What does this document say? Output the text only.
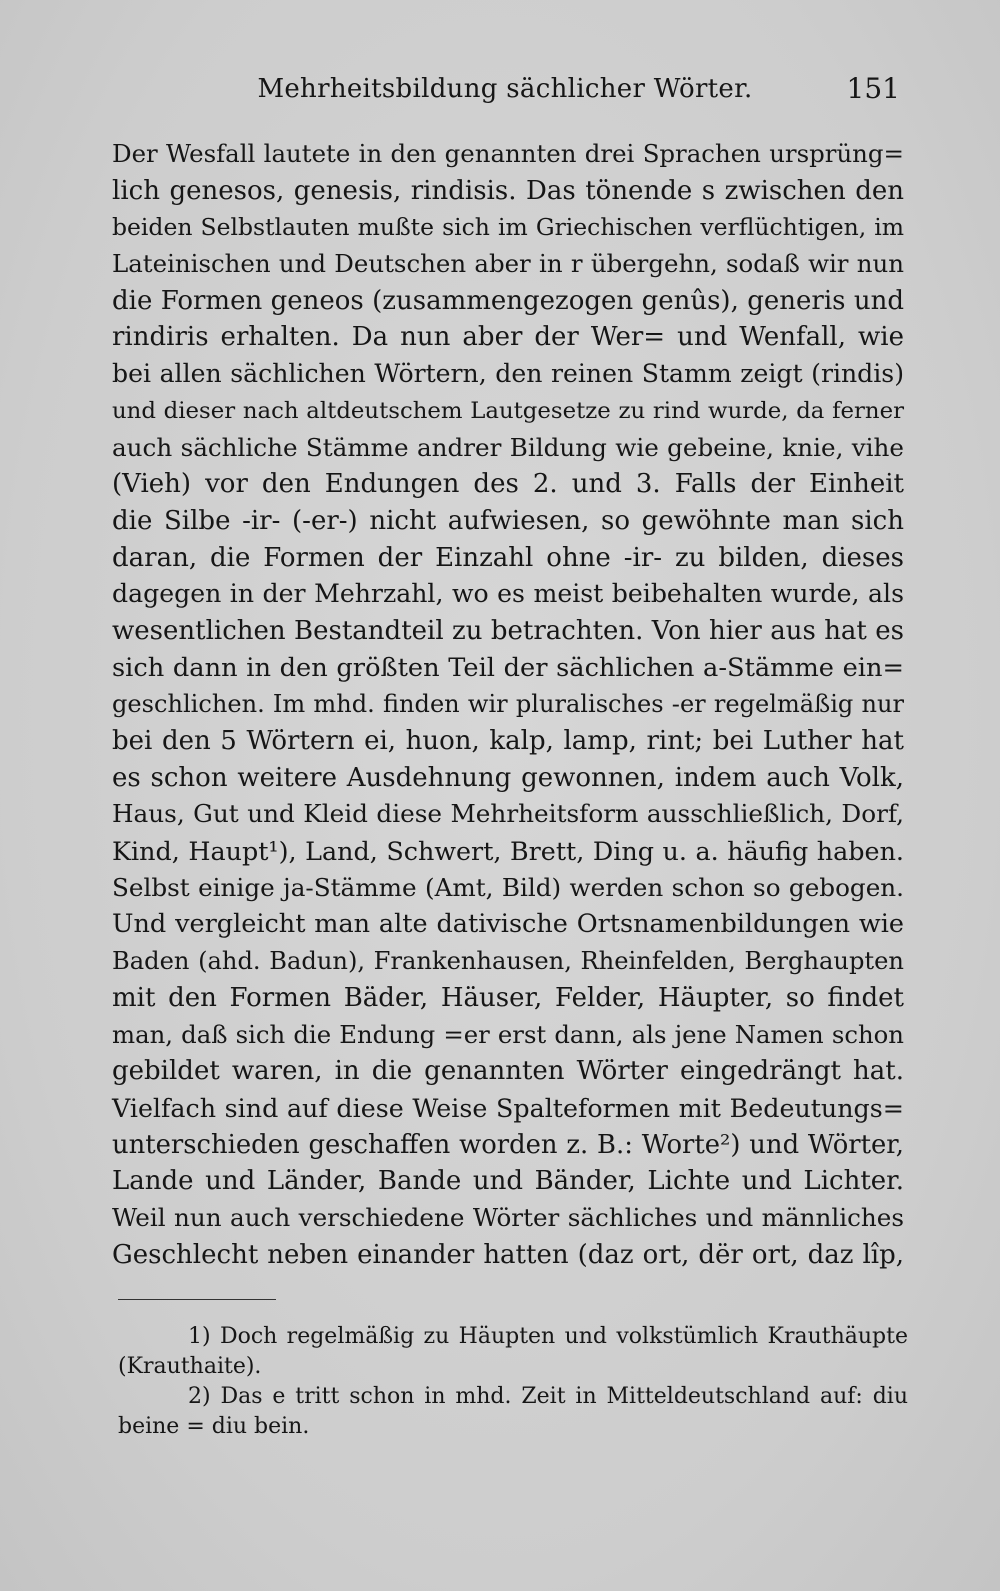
Mehrheitsbildung sächlicher Wörter.	151
Der Wesfall lautete in den genannten drei Sprachen ursprüng=
lich genesos, genesis, rindisis. Das tönende s zwischen den
beiden Selbstlauten mußte sich im Griechischen verflüchtigen, im
Lateinischen und Deutschen aber in r übergehn, sodaß wir nun
die Formen geneos (zusammengezogen genûs), generis und
rindiris erhalten. Da nun aber der Wer= und Wenfall, wie
bei allen sächlichen Wörtern, den reinen Stamm zeigt (rindis)
und dieser nach altdeutschem Lautgesetze zu rind wurde, da ferner
auch sächliche Stämme andrer Bildung wie gebeine, knie, vihe
(Vieh) vor den Endungen des 2. und 3. Falls der Einheit
die Silbe -ir- (-er-) nicht aufwiesen, so gewöhnte man sich
daran, die Formen der Einzahl ohne -ir- zu bilden, dieses
dagegen in der Mehrzahl, wo es meist beibehalten wurde, als
wesentlichen Bestandteil zu betrachten. Von hier aus hat es
sich dann in den größten Teil der sächlichen a-Stämme ein=
geschlichen. Im mhd. finden wir pluralisches -er regelmäßig nur
bei den 5 Wörtern ei, huon, kalp, lamp, rint; bei Luther hat
es schon weitere Ausdehnung gewonnen, indem auch Volk,
Haus, Gut und Kleid diese Mehrheitsform ausschließlich, Dorf,
Kind, Haupt¹), Land, Schwert, Brett, Ding u. a. häufig haben.
Selbst einige ja-Stämme (Amt, Bild) werden schon so gebogen.
Und vergleicht man alte dativische Ortsnamenbildungen wie
Baden (ahd. Badun), Frankenhausen, Rheinfelden, Berghaupten
mit den Formen Bäder, Häuser, Felder, Häupter, so findet
man, daß sich die Endung =er erst dann, als jene Namen schon
gebildet waren, in die genannten Wörter eingedrängt hat.
Vielfach sind auf diese Weise Spalteformen mit Bedeutungs=
unterschieden geschaffen worden z. B.: Worte²) und Wörter,
Lande und Länder, Bande und Bänder, Lichte und Lichter.
Weil nun auch verschiedene Wörter sächliches und männliches
Geschlecht neben einander hatten (daz ort, dër ort, daz lîp,
1) Doch regelmäßig zu Häupten und volkstümlich Krauthäupte
(Krauthaite).
2) Das e tritt schon in mhd. Zeit in Mitteldeutschland auf: diu
beine = diu bein.
